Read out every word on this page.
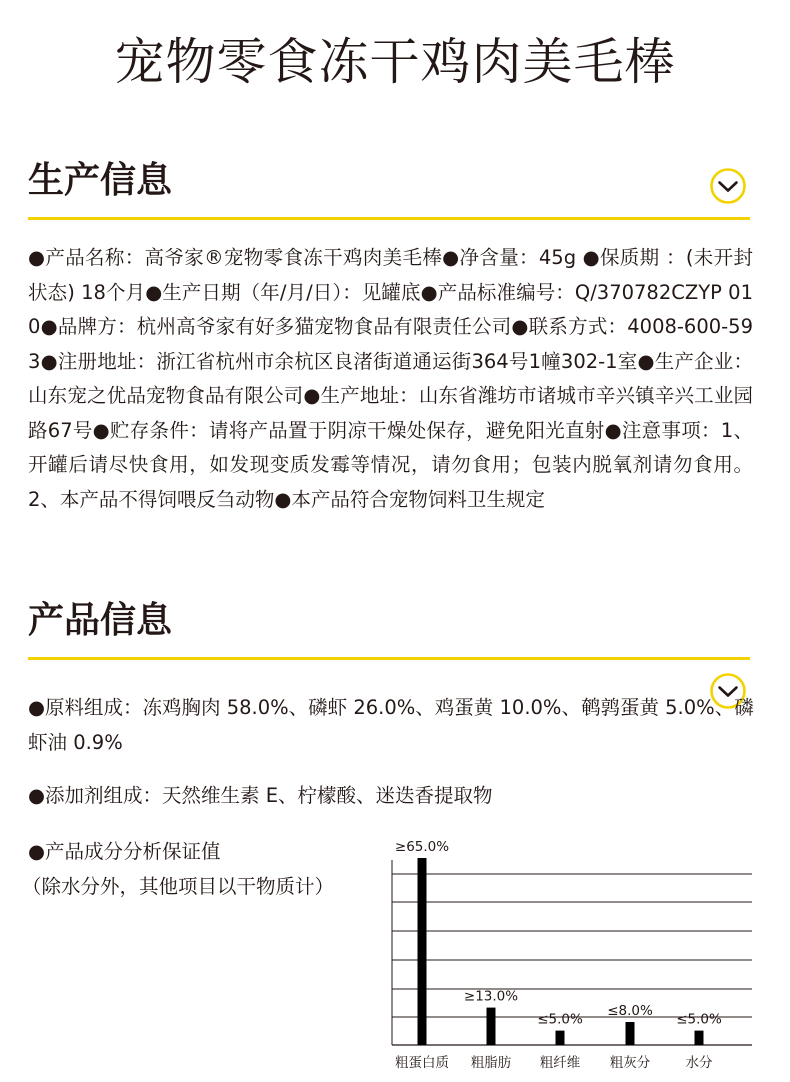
宠物零食冻干鸡肉美毛棒
生产信息
●产品名称：高爷家®宠物零食冻干鸡肉美毛棒●净含量：45g ●保质期 ：(未开封状态) 18个月●生产日期（年/月/日）：见罐底●产品标准编号：Q/370782CZYP 010●品牌方：杭州高爷家有好多猫宠物食品有限责任公司●联系方式：4008-600-593●注册地址：浙江省杭州市余杭区良渚街道通运街364号1幢302-1室●生产企业：山东宠之优品宠物食品有限公司●生产地址：山东省潍坊市诸城市辛兴镇辛兴工业园路67号●贮存条件：请将产品置于阴凉干燥处保存，避免阳光直射●注意事项：1、开罐后请尽快食用，如发现变质发霉等情况，请勿食用；包装内脱氧剂请勿食用。2、本产品不得饲喂反刍动物●本产品符合宠物饲料卫生规定
产品信息
●原料组成：冻鸡胸肉 58.0%、磷虾 26.0%、鸡蛋黄 10.0%、鹌鹑蛋黄 5.0%、磷虾油 0.9%
●添加剂组成：天然维生素 E、柠檬酸、迷迭香提取物
●产品成分分析保证值
（除水分外，其他项目以干物质计）
≥65.0%
粗蛋白质
≥13.0%
粗脂肪
≤5.0%
粗纤维
≤8.0%
粗灰分
≤5.0%
水分
